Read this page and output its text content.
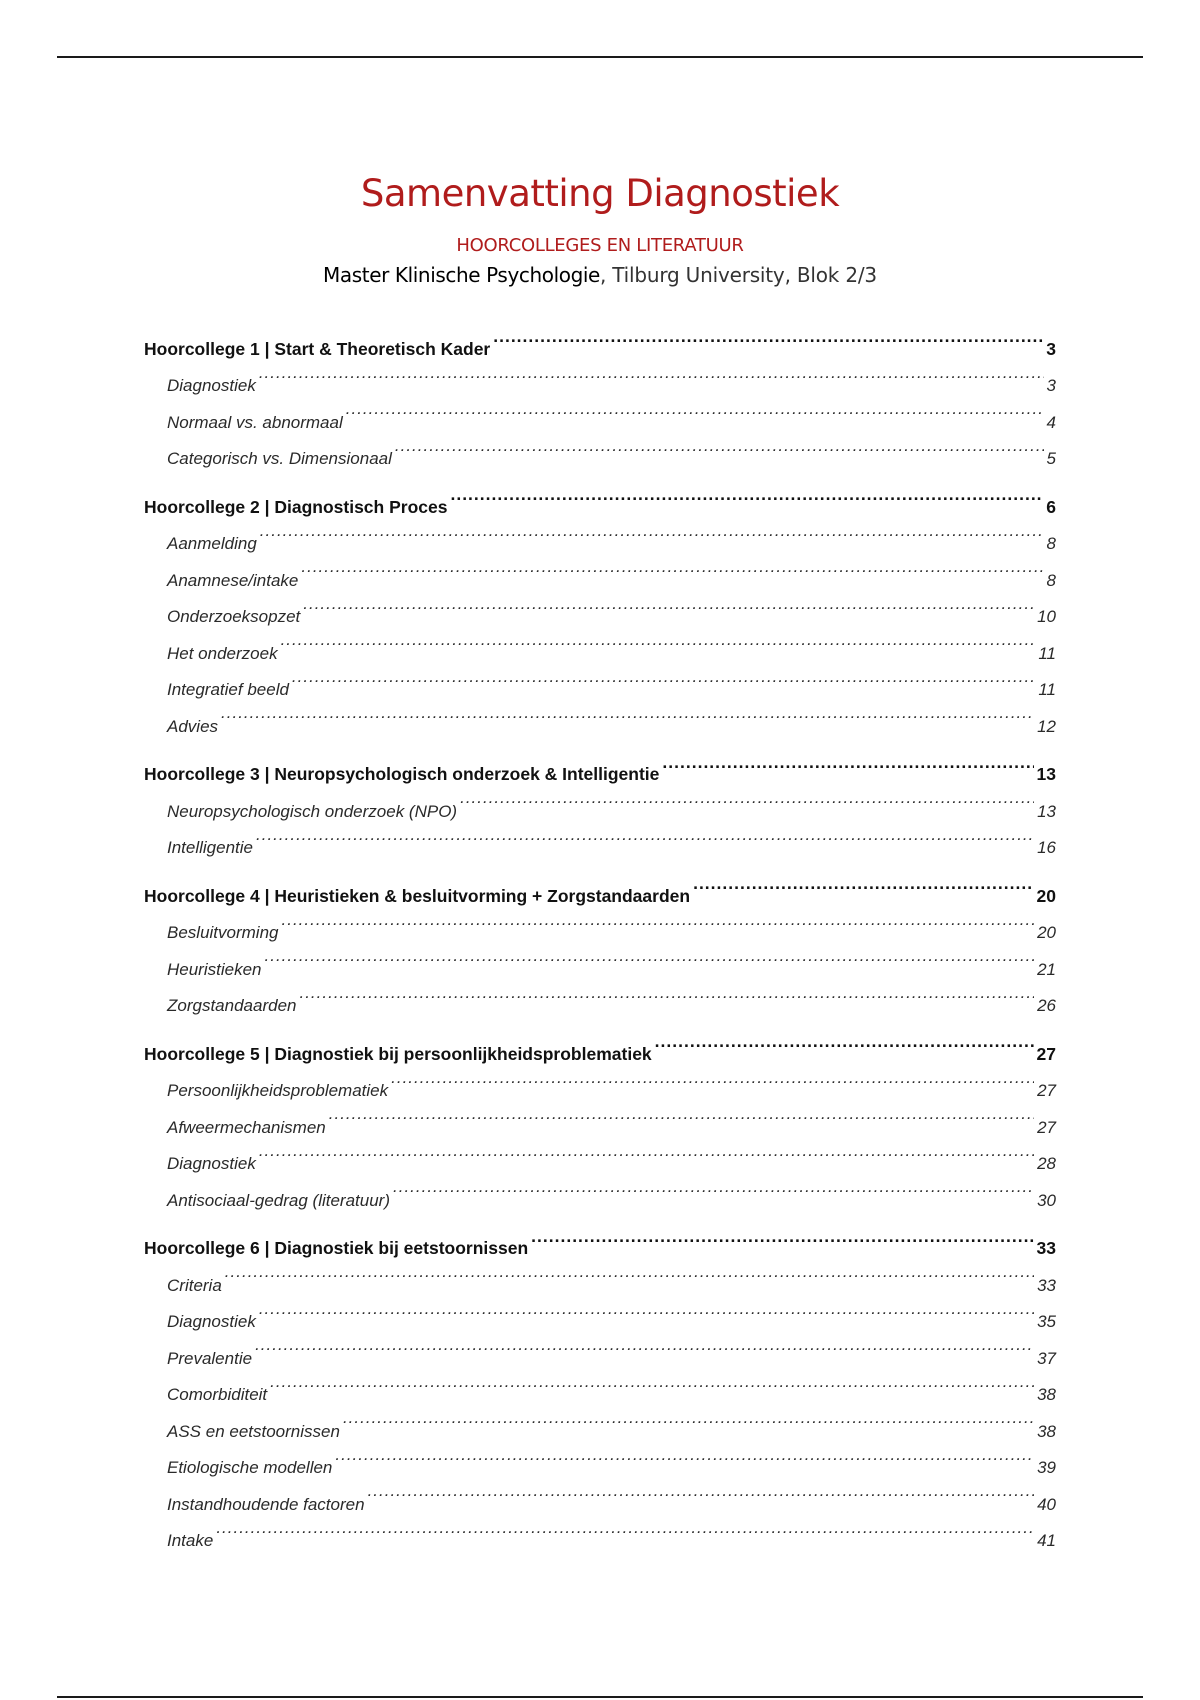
Samenvatting Diagnostiek
HOORCOLLEGES EN LITERATUUR
Master Klinische Psychologie, Tilburg University, Blok 2/3
Hoorcollege 1 | Start & Theoretisch Kader .....	3
Diagnostiek .....	3
Normaal vs. abnormaal .....	4
Categorisch vs. Dimensionaal .....	5
Hoorcollege 2 | Diagnostisch Proces .....	6
Aanmelding .....	8
Anamnese/intake .....	8
Onderzoeksopzet .....	10
Het onderzoek .....	11
Integratief beeld .....	11
Advies .....	12
Hoorcollege 3 | Neuropsychologisch onderzoek & Intelligentie .....	13
Neuropsychologisch onderzoek (NPO) .....	13
Intelligentie .....	16
Hoorcollege 4 | Heuristieken & besluitvorming + Zorgstandaarden .....	20
Besluitvorming .....	20
Heuristieken .....	21
Zorgstandaarden .....	26
Hoorcollege 5 | Diagnostiek bij persoonlijkheidsproblematiek .....	27
Persoonlijkheidsproblematiek .....	27
Afweermechanismen .....	27
Diagnostiek .....	28
Antisociaal-gedrag (literatuur) .....	30
Hoorcollege 6 | Diagnostiek bij eetstoornissen .....	33
Criteria .....	33
Diagnostiek .....	35
Prevalentie .....	37
Comorbiditeit .....	38
ASS en eetstoornissen .....	38
Etiologische modellen .....	39
Instandhoudende factoren .....	40
Intake .....	41
